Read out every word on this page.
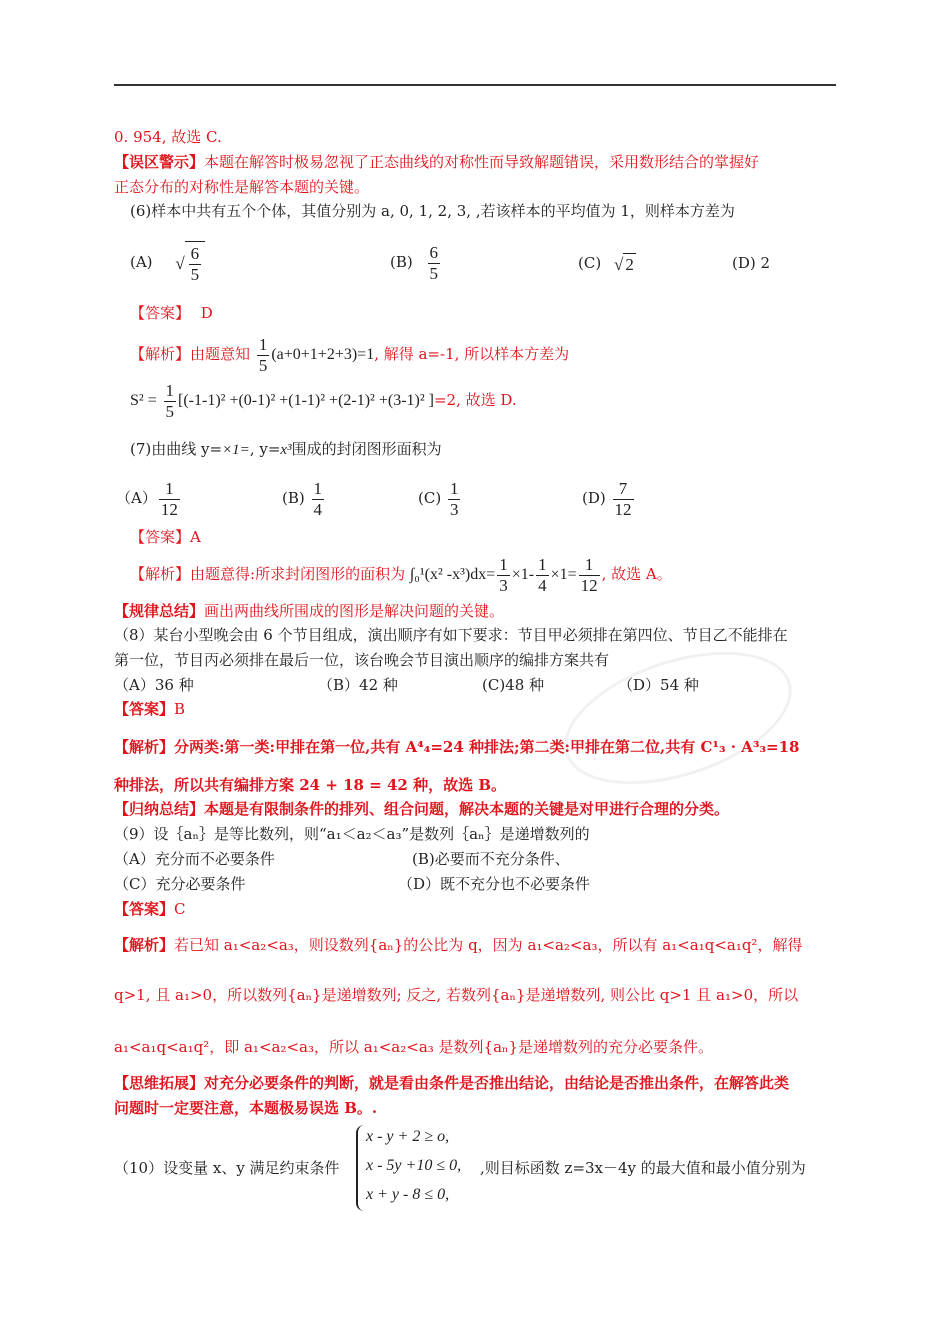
0. 954, 故选 C.
【误区警示】本题在解答时极易忽视了正态曲线的对称性而导致解题错误，采用数形结合的掌握好
正态分布的对称性是解答本题的关键。
(6)样本中共有五个个体，其值分别为 a, 0, 1, 2, 3, ,若该样本的平均值为 1，则样本方差为
(A) √ $\frac{6}{5}$	$(B) \frac{6}{5}$	(C) √ 2	(D) 2
【答案】 D
【解析】由题意知 $\frac{1}{5} (a+0+1+2+3)=1$, 解得 a=-1, 所以样本方差为
$S^2 = \frac{1}{5} [(-1-1)^2 +(0-1)^2 +(1-1)^2 +(2-1)^2 +(3-1)^2$ ]=2, 故选 D.
(7)由曲线 y=×1=, y=x³围成的封闭图形面积为
$(A) \frac{1}{12}$	$(B) \frac{1}{4}$	$(C) \frac{1}{3}$	$(D) \frac{7}{12}$
【答案】A
【解析】由题意得:所求封闭图形的面积为 ∫₀¹(x² $-x^3)dx= \frac{1}{3} \times 1- \frac{1}{4} \times 1= \frac{1}{12}$ , 故选 A。
【规律总结】画出两曲线所围成的图形是解决问题的关键。
（8）某台小型晚会由 6 个节目组成，演出顺序有如下要求：节目甲必须排在第四位、节目乙不能排在
第一位，节目丙必须排在最后一位，该台晚会节目演出顺序的编排方案共有
（A）36 种	（B）42 种	(C)48 种	（D）54 种
【答案】B
【解析】分两类:第一类:甲排在第一位,共有 A⁴₄=24 种排法;第二类:甲排在第二位,共有 C¹₃ · A³₃=18
种排法，所以共有编排方案 24 + 18 = 42 种，故选 B。
【归纳总结】本题是有限制条件的排列、组合问题，解决本题的关键是对甲进行合理的分类。
（9）设｛aₙ｝是等比数列，则“a₁＜a₂＜a₃”是数列｛aₙ｝是递增数列的
（A）充分而不必要条件	(B)必要而不充分条件、
（C）充分必要条件	（D）既不充分也不必要条件
【答案】C
【解析】若已知 a₁<a₂<a₃，则设数列{aₙ}的公比为 q，因为 a₁<a₂<a₃，所以有 a₁<a₁q<a₁q²，解得
q>1, 且 a₁>0，所以数列{aₙ}是递增数列; 反之, 若数列{aₙ}是递增数列, 则公比 q>1 且 a₁>0，所以
a₁<a₁q<a₁q²，即 a₁<a₂<a₃，所以 a₁<a₂<a₃ 是数列{aₙ}是递增数列的充分必要条件。
【思维拓展】对充分必要条件的判断，就是看由条件是否推出结论，由结论是否推出条件，在解答此类
问题时一定要注意，本题极易误选 B。.
（10）设变量 x、y 满足约束条件
x - y + 2 ≥ o,
x - 5y +10 ≤ 0,
x + y - 8 ≤ 0,
,则目标函数 z=3x－4y 的最大值和最小值分别为
